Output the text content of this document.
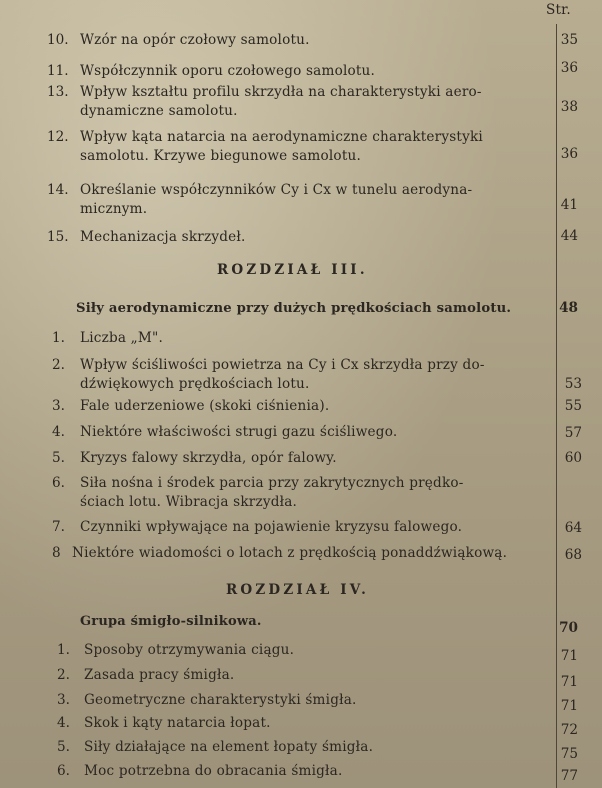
Str.
10. Wzór na opór czołowy samolotu.	35
11. Współczynnik oporu czołowego samolotu.	36
13. Wpływ kształtu profilu skrzydła na charakterystyki aero-
dynamiczne samolotu.	38
12. Wpływ kąta natarcia na aerodynamiczne charakterystyki
samolotu. Krzywe biegunowe samolotu.	36
14. Określanie współczynników Cy i Cx w tunelu aerodyna-
micznym.	41
15. Mechanizacja skrzydeł.	44
ROZDZIAŁ III.
Siły aerodynamiczne przy dużych prędkościach samolotu.	48
1. Liczba „M".
2. Wpływ ściśliwości powietrza na Cy i Cx skrzydła przy do-
dźwiękowych prędkościach lotu.	53
3. Fale uderzeniowe (skoki ciśnienia).	55
4. Niektóre właściwości strugi gazu ściśliwego.	57
5. Kryzys falowy skrzydła, opór falowy.	60
6. Siła nośna i środek parcia przy zakrytycznych prędko-
ściach lotu. Wibracja skrzydła.
7. Czynniki wpływające na pojawienie kryzysu falowego.	64
8 Niektóre wiadomości o lotach z prędkością ponaddźwiąkową.	68
ROZDZIAŁ IV.
Grupa śmigło-silnikowa.	70
1. Sposoby otrzymywania ciągu.	71
2. Zasada pracy śmigła.	71
3. Geometryczne charakterystyki śmigła.	71
4. Skok i kąty natarcia łopat.	72
5. Siły działające na element łopaty śmigła.	75
6. Moc potrzebna do obracania śmigła.	77
